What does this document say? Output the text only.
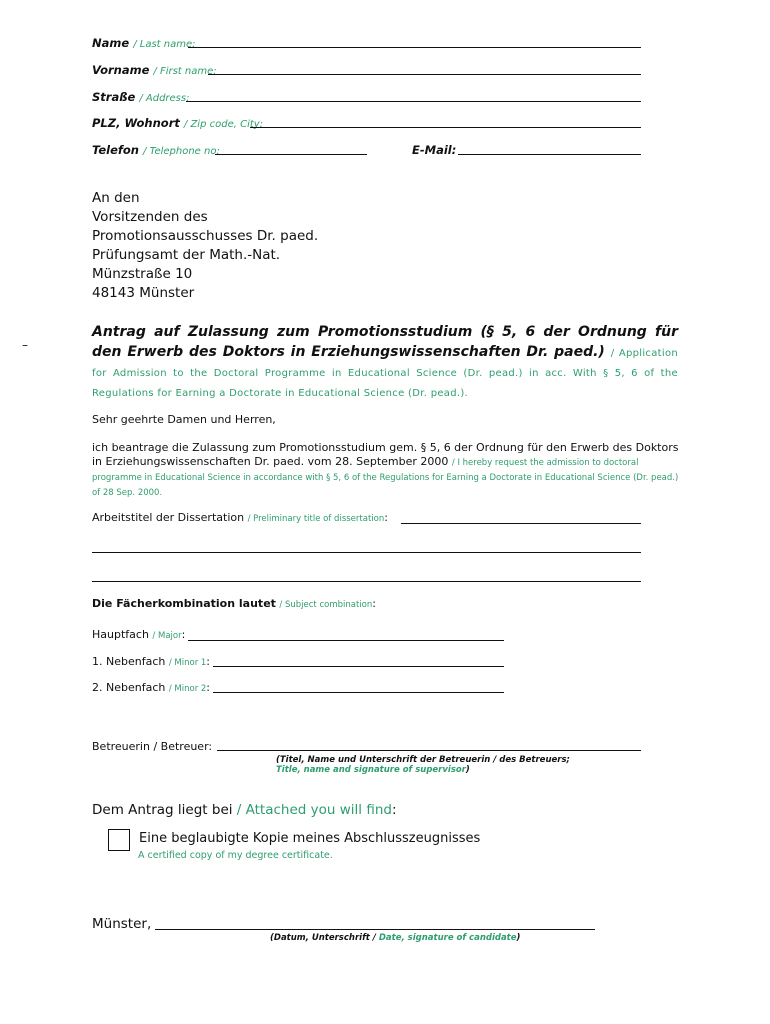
Name / Last name:
Vorname / First name:
Straße / Address:
PLZ, Wohnort / Zip code, City:
Telefon / Telephone no:	E-Mail:
An den
Vorsitzenden des
Promotionsausschusses Dr. paed.
Prüfungsamt der Math.-Nat.
Münzstraße 10
48143 Münster
–
Antrag auf Zulassung zum Promotionsstudium (§ 5, 6 der Ordnung für den Erwerb des Doktors in Erziehungswissenschaften Dr. paed.) / Application for Admission to the Doctoral Programme in Educational Science (Dr. pead.) in acc. With § 5, 6 of the Regulations for Earning a Doctorate in Educational Science (Dr. pead.).
Sehr geehrte Damen und Herren,
ich beantrage die Zulassung zum Promotionsstudium gem. § 5, 6 der Ordnung für den Erwerb des Doktors in Erziehungswissenschaften Dr. paed. vom 28. September 2000 / I hereby request the admission to doctoral programme in Educational Science in accordance with § 5, 6 of the Regulations for Earning a Doctorate in Educational Science (Dr. pead.) of 28 Sep. 2000.
Arbeitstitel der Dissertation / Preliminary title of dissertation:
Die Fächerkombination lautet / Subject combination:
Hauptfach / Major:
1. Nebenfach / Minor 1:
2. Nebenfach / Minor 2:
Betreuerin / Betreuer:
(Titel, Name und Unterschrift der Betreuerin / des Betreuers;
Title, name and signature of supervisor)
Dem Antrag liegt bei / Attached you will find:
Eine beglaubigte Kopie meines Abschlusszeugnisses
A certified copy of my degree certificate.
Münster,
(Datum, Unterschrift / Date, signature of candidate)
